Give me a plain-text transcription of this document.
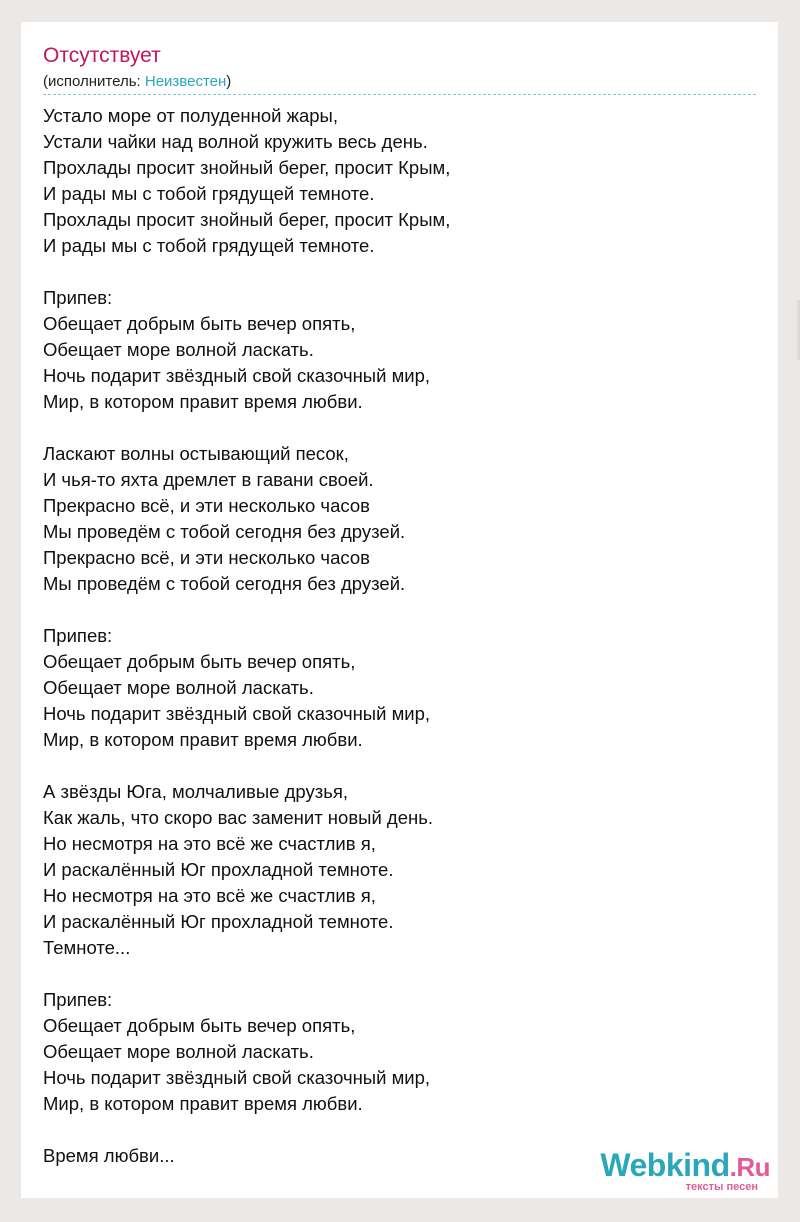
Отсутствует
(исполнитель: Неизвестен)
Устало море от полуденной жары,
Устали чайки над волной кружить весь день.
Прохлады просит знойный берег, просит Крым,
И рады мы с тобой грядущей темноте.
Прохлады просит знойный берег, просит Крым,
И рады мы с тобой грядущей темноте.
Припев:
Обещает добрым быть вечер опять,
Обещает море волной ласкать.
Ночь подарит звёздный свой сказочный мир,
Мир, в котором правит время любви.
Ласкают волны остывающий песок,
И чья-то яхта дремлет в гавани своей.
Прекрасно всё, и эти несколько часов
Мы проведём с тобой сегодня без друзей.
Прекрасно всё, и эти несколько часов
Мы проведём с тобой сегодня без друзей.
Припев:
Обещает добрым быть вечер опять,
Обещает море волной ласкать.
Ночь подарит звёздный свой сказочный мир,
Мир, в котором правит время любви.
А звёзды Юга, молчаливые друзья,
Как жаль, что скоро вас заменит новый день.
Но несмотря на это всё же счастлив я,
И раскалённый Юг прохладной темноте.
Но несмотря на это всё же счастлив я,
И раскалённый Юг прохладной темноте.
Темноте...
Припев:
Обещает добрым быть вечер опять,
Обещает море волной ласкать.
Ночь подарит звёздный свой сказочный мир,
Мир, в котором правит время любви.
Время любви...	Webkind.Ru
тексты песен
